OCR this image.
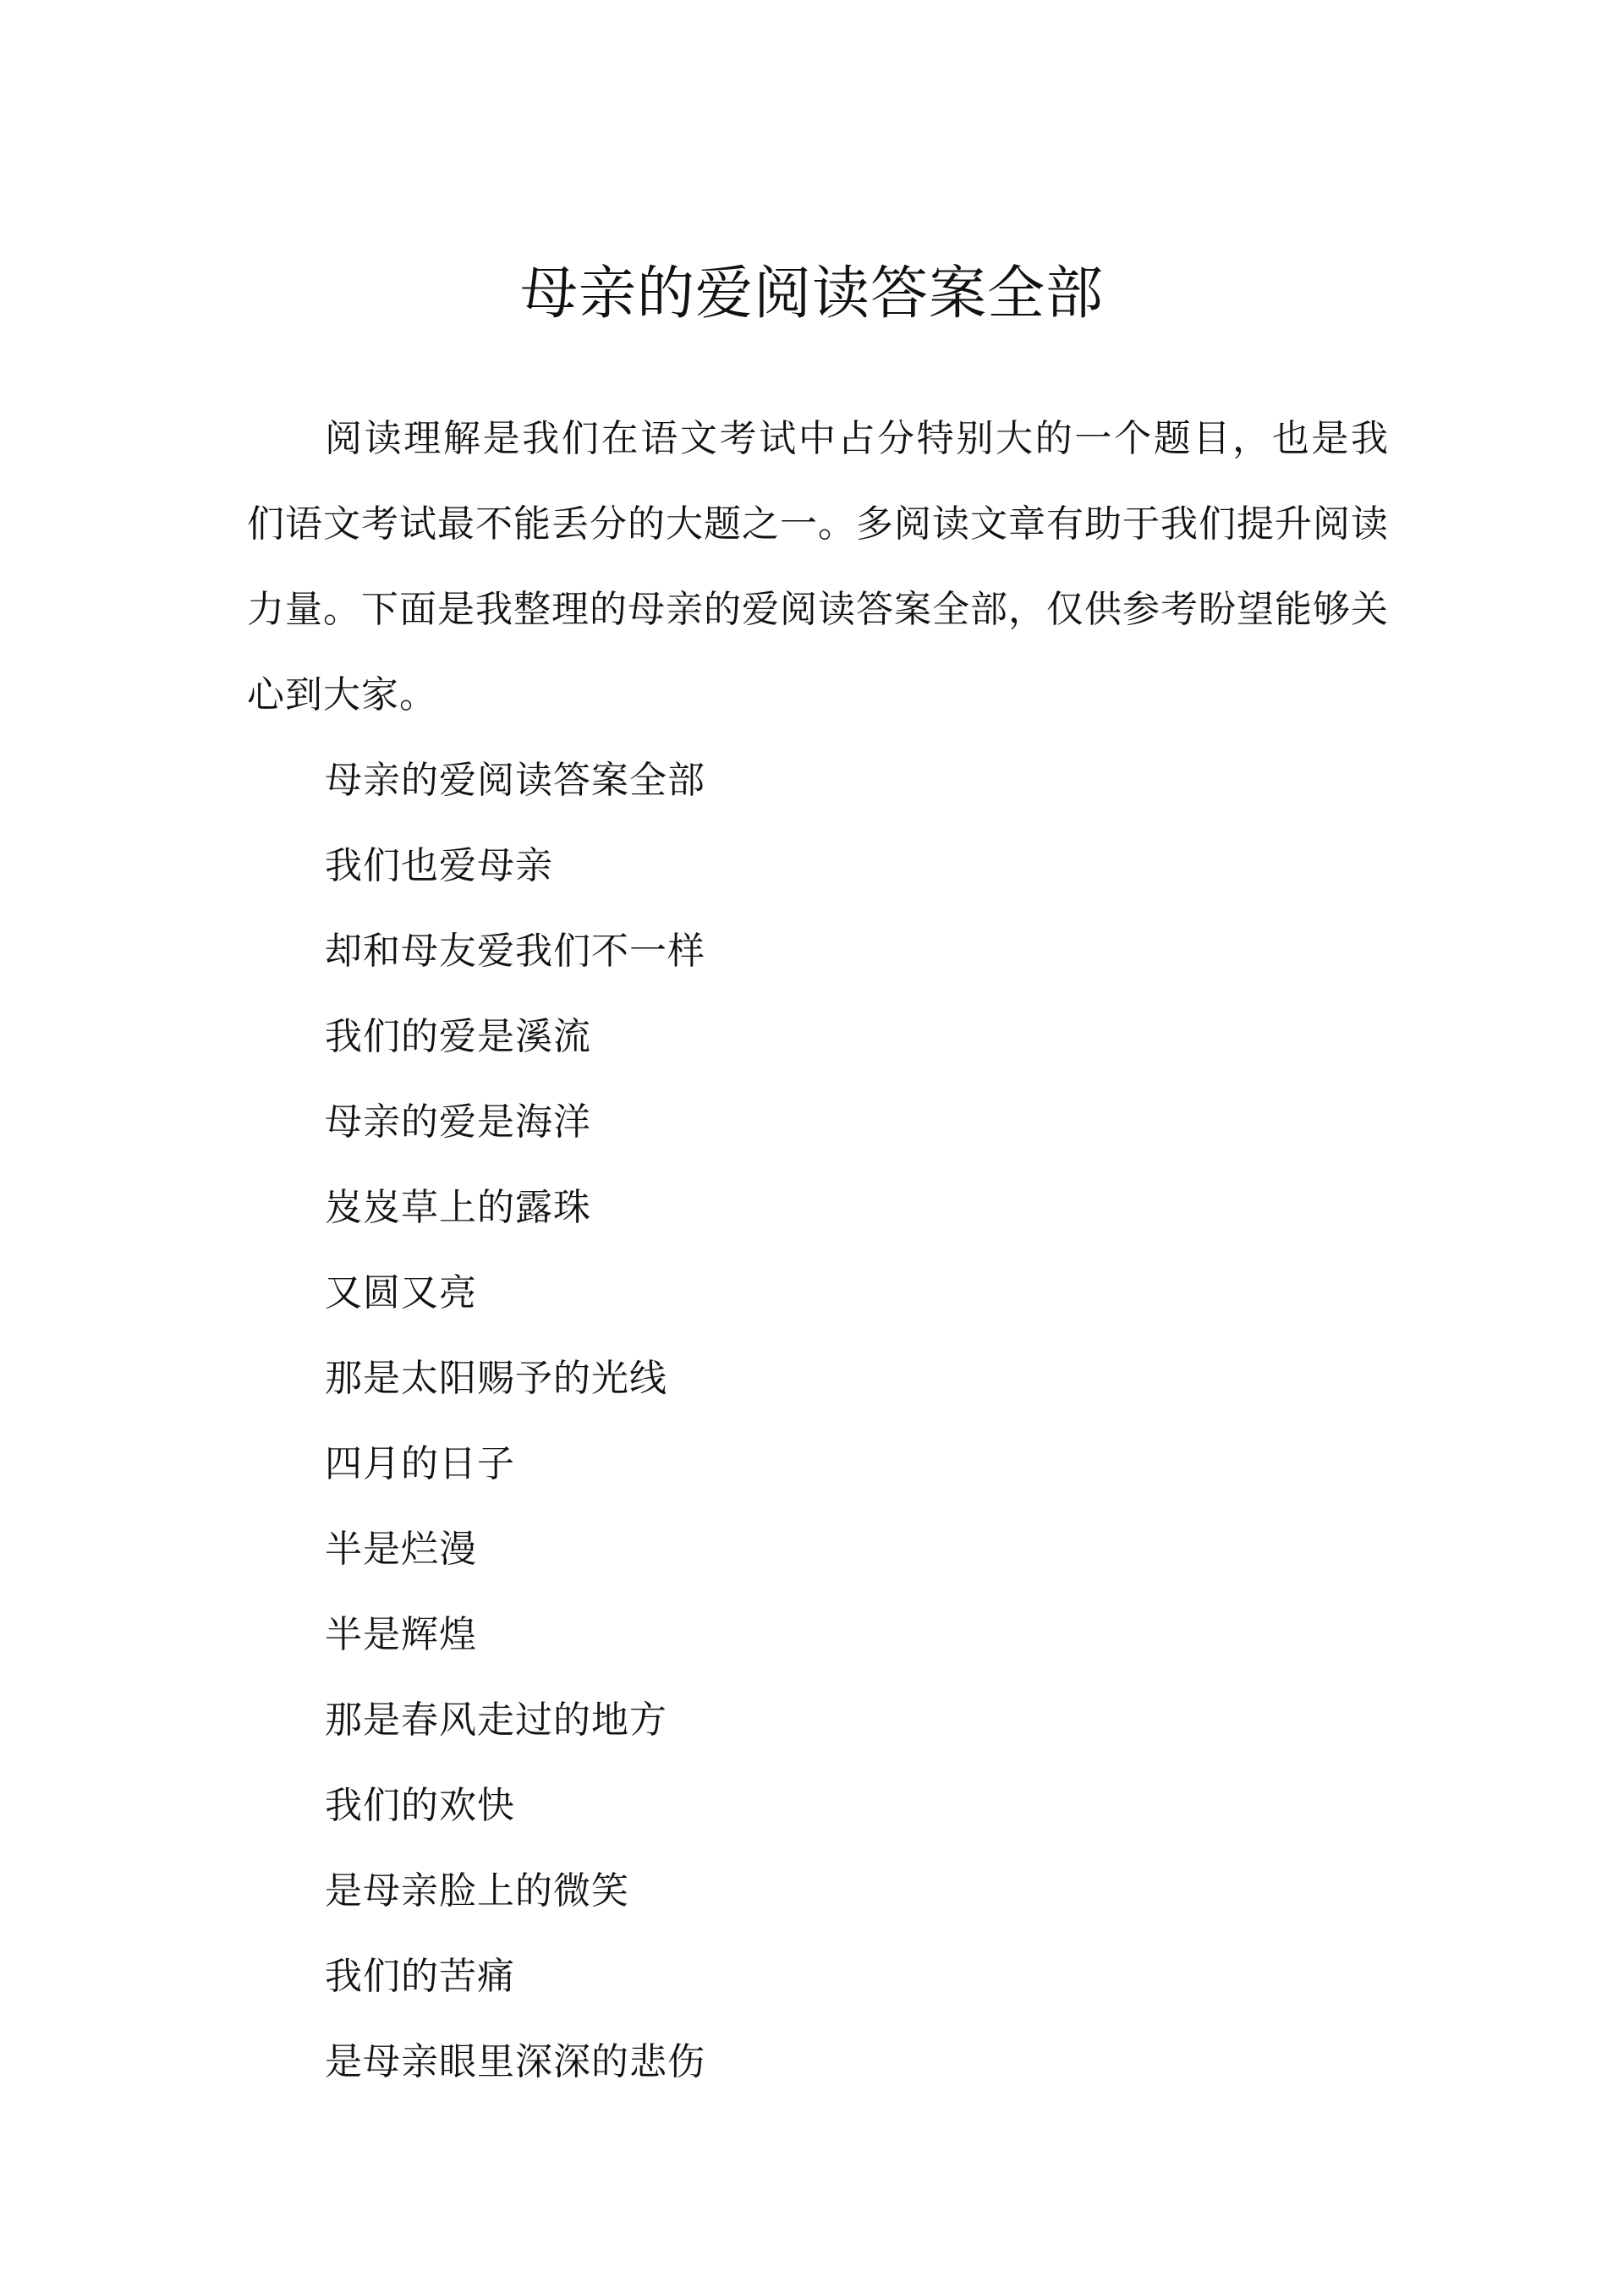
母亲的爱阅读答案全部

阅读理解是我们在语文考试中占分特别大的一个题目，也是我们语文考试最不能丢分的大题之一。多阅读文章有助于我们提升阅读力量。下面是我整理的母亲的爱阅读答案全部，仅供参考盼望能够关心到大家。

母亲的爱阅读答案全部
我们也爱母亲
却和母友爱我们不一样
我们的爱是溪流
母亲的爱是海洋
岌岌草上的露珠
又圆又亮
那是太阳赐予的光线
四月的日子
半是烂漫
半是辉煌
那是春风走过的地方
我们的欢快
是母亲脸上的微笑
我们的苦痛
是母亲眼里深深的悲伤
